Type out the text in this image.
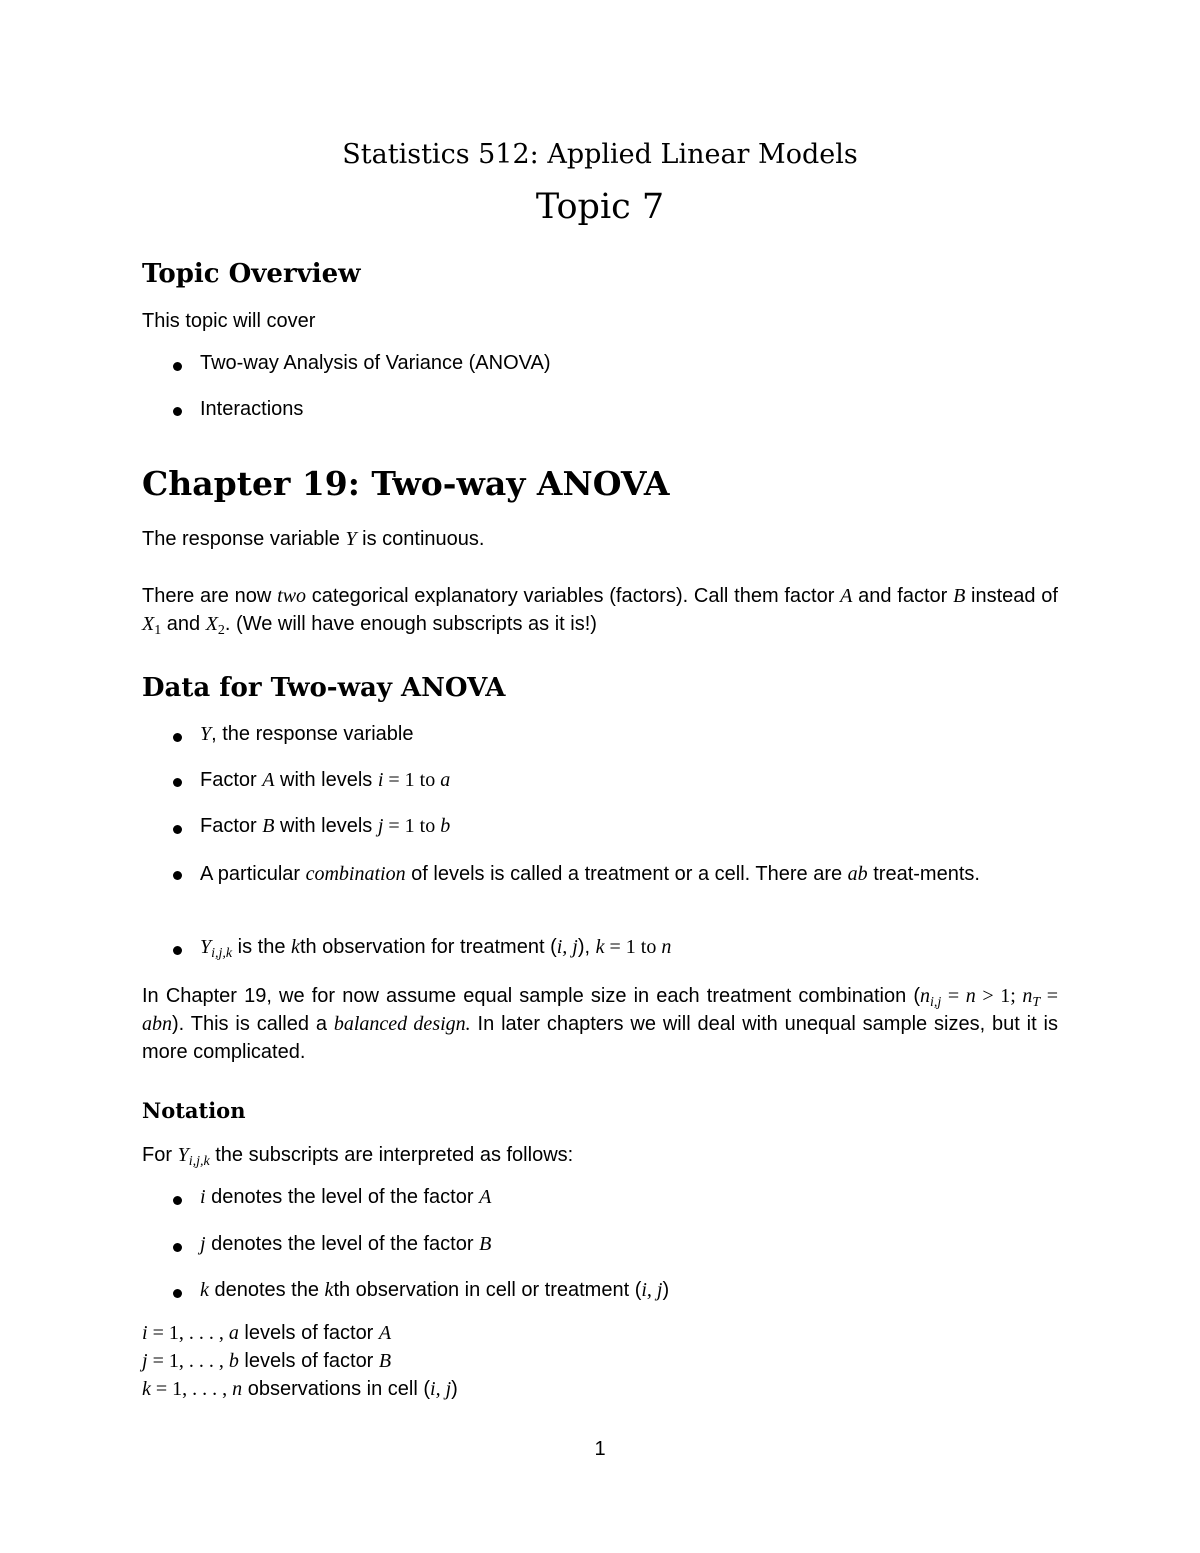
Statistics 512: Applied Linear Models
Topic 7
Topic Overview
This topic will cover
Two-way Analysis of Variance (ANOVA)
Interactions
Chapter 19: Two-way ANOVA
The response variable Y is continuous.
There are now two categorical explanatory variables (factors). Call them factor A and factor B instead of $X_1$ and $X_2$. (We will have enough subscripts as it is!)
Data for Two-way ANOVA
Y, the response variable
Factor A with levels i = 1 to a
Factor B with levels j = 1 to b
A particular combination of levels is called a treatment or a cell. There are ab treat-ments.
$Y_{i,j,k}$ is the kth observation for treatment (i, j), k = 1 to n
In Chapter 19, we for now assume equal sample size in each treatment combination ($n_{i,j} = n > 1$; $n_T = abn$). This is called a balanced design. In later chapters we will deal with unequal sample sizes, but it is more complicated.
Notation
For $Y_{i,j,k}$ the subscripts are interpreted as follows:
i denotes the level of the factor A
j denotes the level of the factor B
k denotes the kth observation in cell or treatment (i, j)
i = 1, . . . , a levels of factor A
j = 1, . . . , b levels of factor B
k = 1, . . . , n observations in cell (i, j)
1
